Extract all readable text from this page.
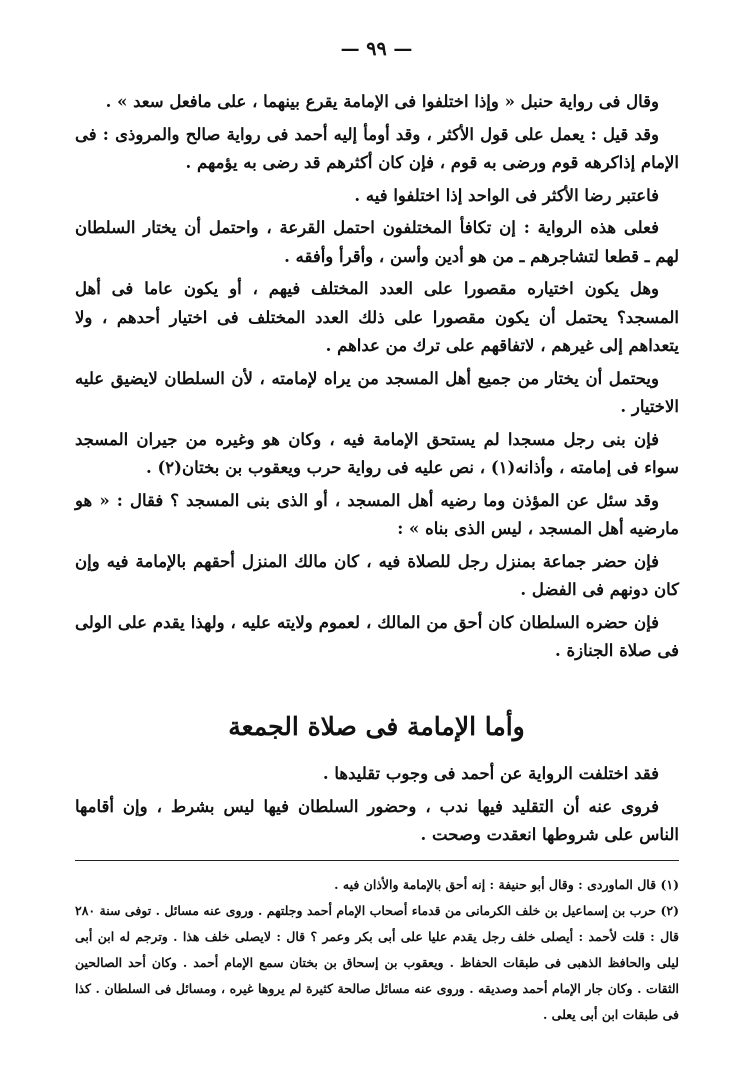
— ٩٩ —

وقال فى رواية حنبل « وإذا اختلفوا فى الإمامة يقرع بينهما ، على مافعل سعد » .

وقد قيل : يعمل على قول الأكثر ، وقد أومأ إليه أحمد فى رواية صالح والمروذى : فى الإمام إذاكرهه قوم ورضى به قوم ، فإن كان أكثرهم قد رضى به يؤمهم .

فاعتبر رضا الأكثر فى الواحد إذا اختلفوا فيه .

فعلى هذه الرواية : إن تكافأ المختلفون احتمل القرعة ، واحتمل أن يختار السلطان لهم ـ قطعا لتشاجرهم ـ من هو أدين وأسن ، وأقرأ وأفقه .

وهل يكون اختياره مقصورا على العدد المختلف فيهم ، أو يكون عاما فى أهل المسجد؟ يحتمل أن يكون مقصورا على ذلك العدد المختلف فى اختيار أحدهم ، ولا يتعداهم إلى غيرهم ، لاتفاقهم على ترك من عداهم .

ويحتمل أن يختار من جميع أهل المسجد من يراه لإمامته ، لأن السلطان لايضيق عليه الاختيار .

فإن بنى رجل مسجدا لم يستحق الإمامة فيه ، وكان هو وغيره من جيران المسجد سواء فى إمامته ، وأذانه(١) ، نص عليه فى رواية حرب ويعقوب بن بختان(٢) .

وقد سئل عن المؤذن وما رضيه أهل المسجد ، أو الذى بنى المسجد ؟ فقال : « هو مارضيه أهل المسجد ، ليس الذى بناه » :

فإن حضر جماعة بمنزل رجل للصلاة فيه ، كان مالك المنزل أحقهم بالإمامة فيه وإن كان دونهم فى الفضل .

فإن حضره السلطان كان أحق من المالك ، لعموم ولايته عليه ، ولهذا يقدم على الولى فى صلاة الجنازة .

وأما الإمامة فى صلاة الجمعة

فقد اختلفت الرواية عن أحمد فى وجوب تقليدها .

فروى عنه أن التقليد فيها ندب ، وحضور السلطان فيها ليس بشرط ، وإن أقامها الناس على شروطها انعقدت وصحت .

(١) قال الماوردى : وقال أبو حنيفة : إنه أحق بالإمامة والأذان فيه .

(٢) حرب بن إسماعيل بن خلف الكرمانى من قدماء أصحاب الإمام أحمد وجلتهم . وروى عنه مسائل . توفى سنة ٢٨٠ قال : قلت لأحمد : أيصلى خلف رجل يقدم عليا على أبى بكر وعمر ؟ قال : لايصلى خلف هذا . وترجم له ابن أبى ليلى والحافظ الذهبى فى طبقات الحفاظ . ويعقوب بن إسحاق بن بختان سمع الإمام أحمد . وكان أحد الصالحين الثقات . وكان جار الإمام أحمد وصديقه . وروى عنه مسائل صالحة كثيرة لم يروها غيره ، ومسائل فى السلطان . كذا فى طبقات ابن أبى يعلى .
